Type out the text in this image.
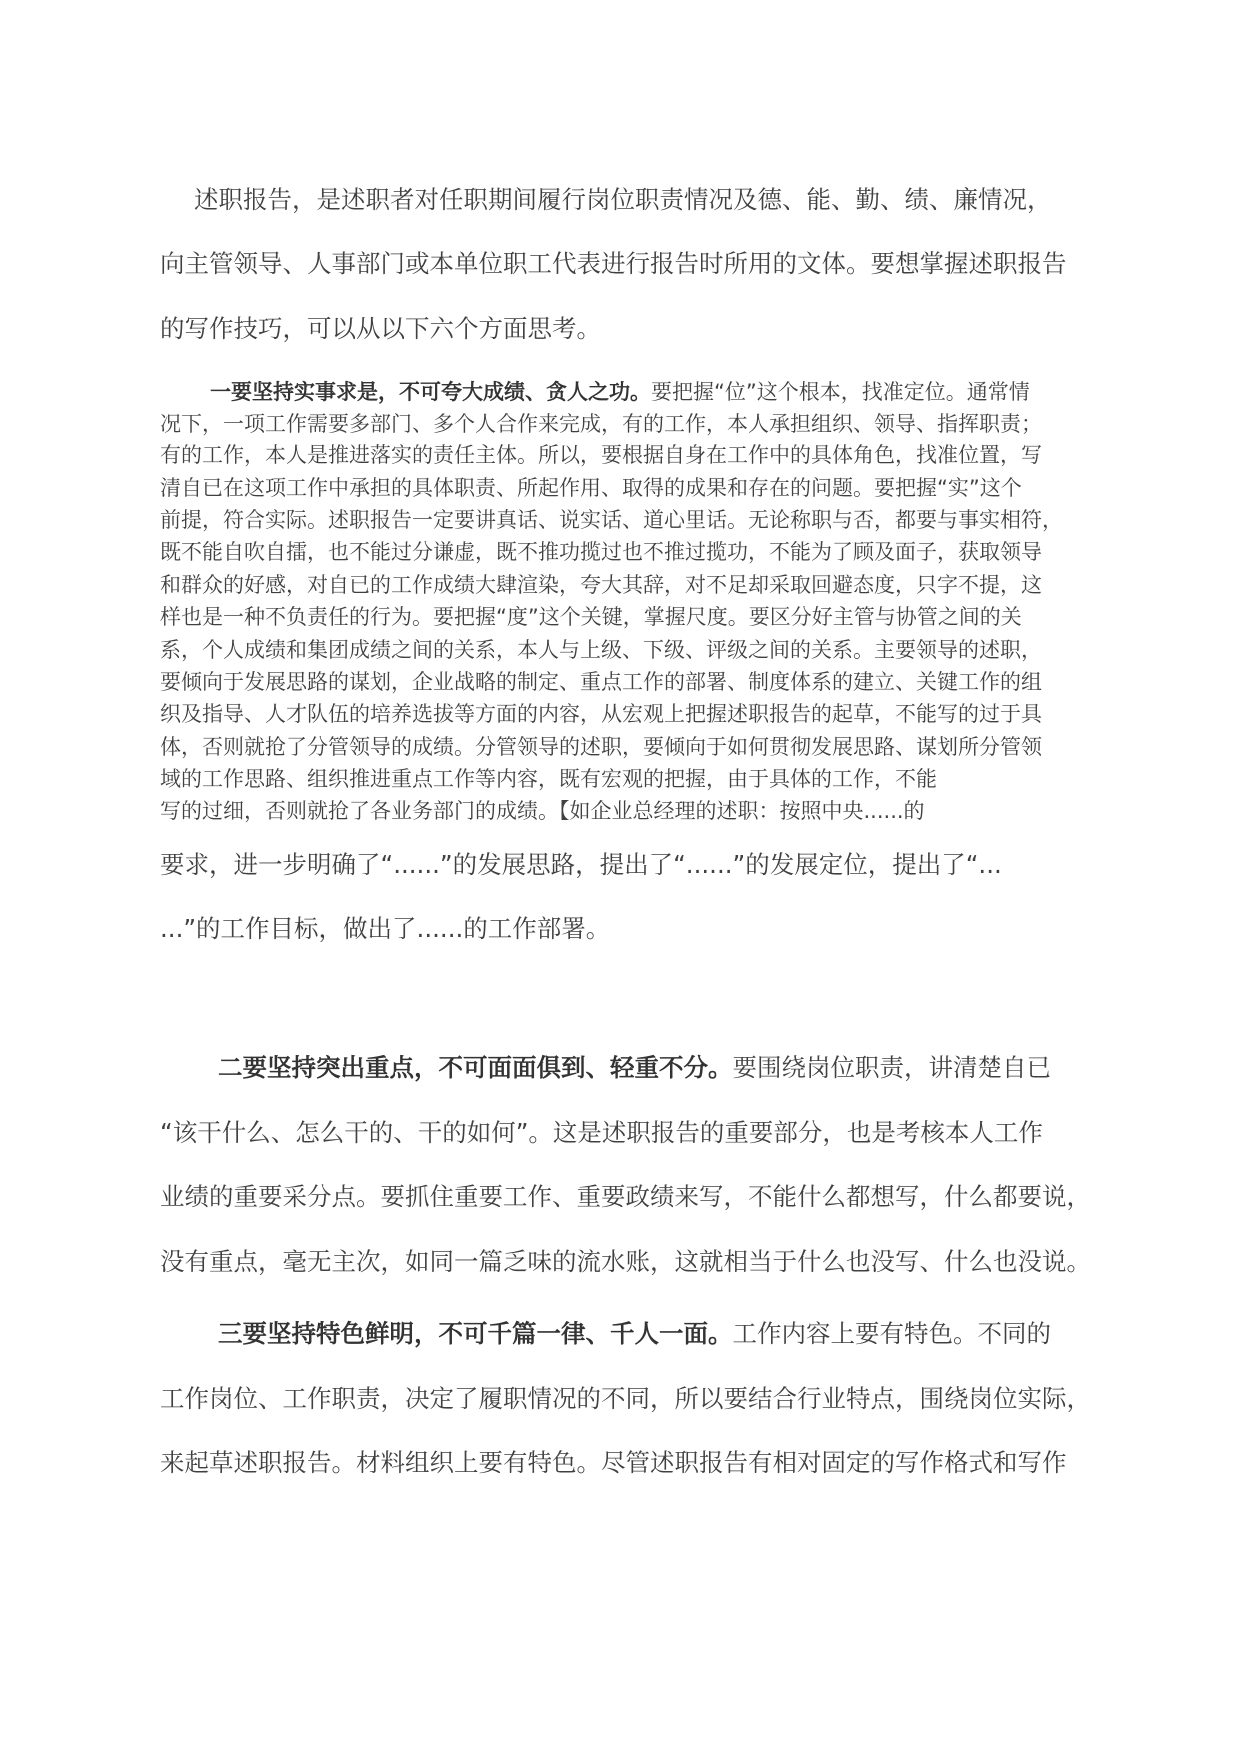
述职报告，是述职者对任职期间履行岗位职责情况及德、能、勤、绩、廉情况，

向主管领导、人事部门或本单位职工代表进行报告时所用的文体。要想掌握述职报告

的写作技巧，可以从以下六个方面思考。

一要坚持实事求是，不可夸大成绩、贪人之功。要把握“位”这个根本，找准定位。通常情

况下，一项工作需要多部门、多个人合作来完成，有的工作，本人承担组织、领导、指挥职责；

有的工作，本人是推进落实的责任主体。所以，要根据自身在工作中的具体角色，找准位置，写

清自已在这项工作中承担的具体职责、所起作用、取得的成果和存在的问题。要把握“实”这个

前提，符合实际。述职报告一定要讲真话、说实话、道心里话。无论称职与否，都要与事实相符，

既不能自吹自擂，也不能过分谦虚，既不推功揽过也不推过揽功，不能为了顾及面子，获取领导

和群众的好感，对自已的工作成绩大肆渲染，夸大其辞，对不足却采取回避态度，只字不提，这

样也是一种不负责任的行为。要把握“度”这个关键，掌握尺度。要区分好主管与协管之间的关

系，个人成绩和集团成绩之间的关系，本人与上级、下级、评级之间的关系。主要领导的述职，

要倾向于发展思路的谋划，企业战略的制定、重点工作的部署、制度体系的建立、关键工作的组

织及指导、人才队伍的培养选拔等方面的内容，从宏观上把握述职报告的起草，不能写的过于具

体，否则就抢了分管领导的成绩。分管领导的述职，要倾向于如何贯彻发展思路、谋划所分管领

域的工作思路、组织推进重点工作等内容，既有宏观的把握，由于具体的工作，不能

写的过细，否则就抢了各业务部门的成绩。【如企业总经理的述职：按照中央......的

要求，进一步明确了“......”的发展思路，提出了“......”的发展定位，提出了“...

...”的工作目标，做出了......的工作部署。

二要坚持突出重点，不可面面俱到、轻重不分。要围绕岗位职责，讲清楚自已

“该干什么、怎么干的、干的如何”。这是述职报告的重要部分，也是考核本人工作

业绩的重要采分点。要抓住重要工作、重要政绩来写，不能什么都想写，什么都要说，

没有重点，毫无主次，如同一篇乏味的流水账，这就相当于什么也没写、什么也没说。

三要坚持特色鲜明，不可千篇一律、千人一面。工作内容上要有特色。不同的

工作岗位、工作职责，决定了履职情况的不同，所以要结合行业特点，围绕岗位实际，

来起草述职报告。材料组织上要有特色。尽管述职报告有相对固定的写作格式和写作
